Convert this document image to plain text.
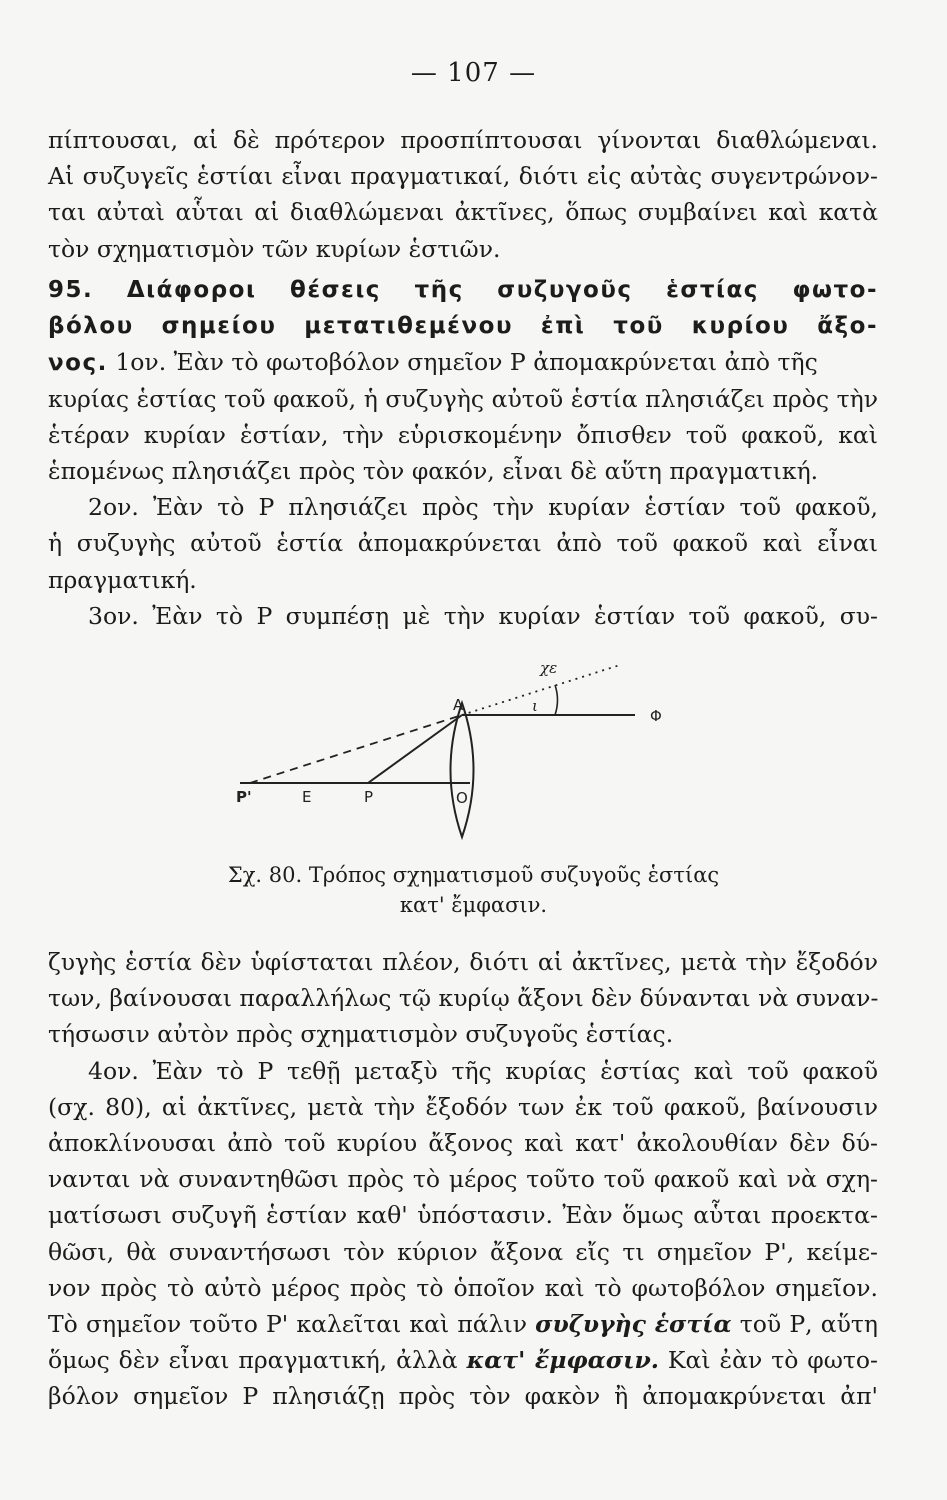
— 107 —
πίπτουσαι, αἱ δὲ πρότερον προσπίπτουσαι γίνονται διαθλώμεναι.
Αἱ συζυγεῖς ἑστίαι εἶναι πραγματικαί, διότι εἰς αὐτὰς συγεντρώνον-
ται αὐταὶ αὗται αἱ διαθλώμεναι ἀκτῖνες, ὅπως συμβαίνει καὶ κατὰ
τὸν σχηματισμὸν τῶν κυρίων ἑστιῶν.
95. Διάφοροι θέσεις τῆς συζυγοῦς ἑστίας φωτο-
βόλου σημείου μετατιθεμένου ἐπὶ τοῦ κυρίου ἄξο-
νος. 1ον. Ἐὰν τὸ φωτοβόλον σημεῖον Ρ ἀπομακρύνεται ἀπὸ τῆς
κυρίας ἑστίας τοῦ φακοῦ, ἡ συζυγὴς αὐτοῦ ἑστία πλησιάζει πρὸς τὴν
ἑτέραν κυρίαν ἑστίαν, τὴν εὑρισκομένην ὄπισθεν τοῦ φακοῦ, καὶ
ἑπομένως πλησιάζει πρὸς τὸν φακόν, εἶναι δὲ αὕτη πραγματική.
2ον. Ἐὰν τὸ Ρ πλησιάζει πρὸς τὴν κυρίαν ἑστίαν τοῦ φακοῦ,
ἡ συζυγὴς αὐτοῦ ἑστία ἀπομακρύνεται ἀπὸ τοῦ φακοῦ καὶ εἶναι
πραγματική.
3ον. Ἐὰν τὸ Ρ συμπέσῃ μὲ τὴν κυρίαν ἑστίαν τοῦ φακοῦ, συ-
χε
A	ι
Φ
Ρ'	E	P	O
Σχ. 80. Τρόπος σχηματισμοῦ συζυγοῦς ἑστίας
κατ' ἔμφασιν.
ζυγὴς ἑστία δὲν ὑφίσταται πλέον, διότι αἱ ἀκτῖνες, μετὰ τὴν ἔξοδόν
των, βαίνουσαι παραλλήλως τῷ κυρίῳ ἄξονι δὲν δύνανται νὰ συναν-
τήσωσιν αὐτὸν πρὸς σχηματισμὸν συζυγοῦς ἑστίας.
4ον. Ἐὰν τὸ Ρ τεθῇ μεταξὺ τῆς κυρίας ἑστίας καὶ τοῦ φακοῦ
(σχ. 80), αἱ ἀκτῖνες, μετὰ τὴν ἔξοδόν των ἐκ τοῦ φακοῦ, βαίνουσιν
ἀποκλίνουσαι ἀπὸ τοῦ κυρίου ἄξονος καὶ κατ' ἀκολουθίαν δὲν δύ-
νανται νὰ συναντηθῶσι πρὸς τὸ μέρος τοῦτο τοῦ φακοῦ καὶ νὰ σχη-
ματίσωσι συζυγῆ ἑστίαν καθ' ὑπόστασιν. Ἐὰν ὅμως αὗται προεκτα-
θῶσι, θὰ συναντήσωσι τὸν κύριον ἄξονα εἴς τι σημεῖον Ρ', κείμε-
νον πρὸς τὸ αὐτὸ μέρος πρὸς τὸ ὁποῖον καὶ τὸ φωτοβόλον σημεῖον.
Τὸ σημεῖον τοῦτο Ρ' καλεῖται καὶ πάλιν συζυγὴς ἑστία τοῦ Ρ, αὕτη
ὅμως δὲν εἶναι πραγματική, ἀλλὰ κατ' ἔμφασιν. Καὶ ἐὰν τὸ φωτο-
βόλον σημεῖον Ρ πλησιάζῃ πρὸς τὸν φακὸν ἢ ἀπομακρύνεται ἀπ'
